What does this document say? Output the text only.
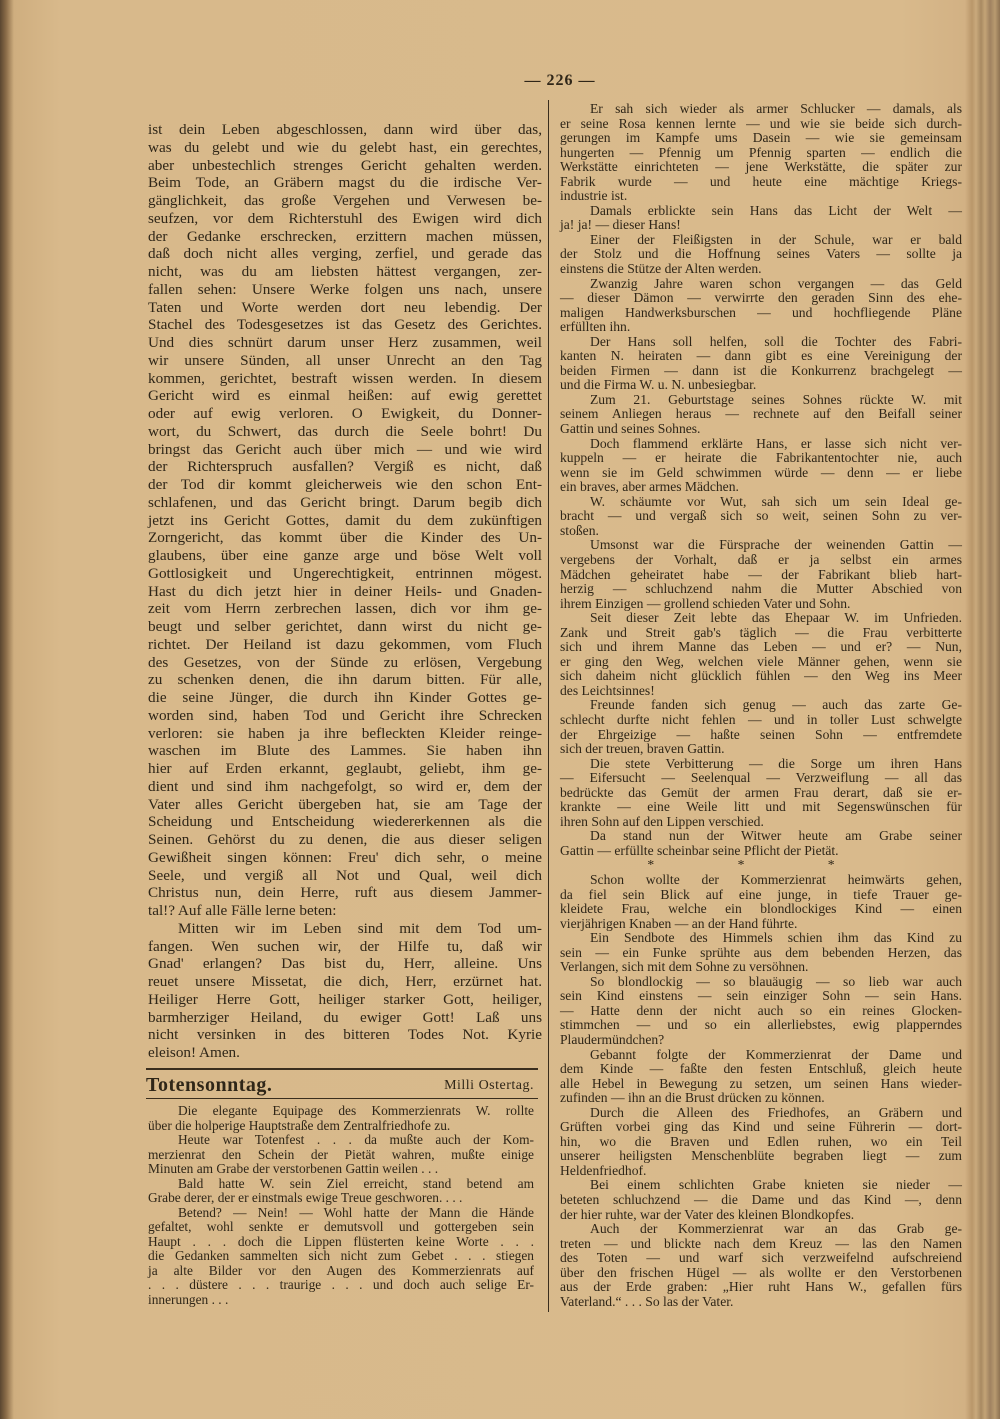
— 226 —
ist dein Leben abgeschlossen, dann wird über das,
was du gelebt und wie du gelebt hast, ein gerechtes,
aber unbestechlich strenges Gericht gehalten werden.
Beim Tode, an Gräbern magst du die irdische Ver-
gänglichkeit, das große Vergehen und Verwesen be-
seufzen, vor dem Richterstuhl des Ewigen wird dich
der Gedanke erschrecken, erzittern machen müssen,
daß doch nicht alles verging, zerfiel, und gerade das
nicht, was du am liebsten hättest vergangen, zer-
fallen sehen: Unsere Werke folgen uns nach, unsere
Taten und Worte werden dort neu lebendig. Der
Stachel des Todesgesetzes ist das Gesetz des Gerichtes.
Und dies schnürt darum unser Herz zusammen, weil
wir unsere Sünden, all unser Unrecht an den Tag
kommen, gerichtet, bestraft wissen werden. In diesem
Gericht wird es einmal heißen: auf ewig gerettet
oder auf ewig verloren. O Ewigkeit, du Donner-
wort, du Schwert, das durch die Seele bohrt! Du
bringst das Gericht auch über mich — und wie wird
der Richterspruch ausfallen? Vergiß es nicht, daß
der Tod dir kommt gleicherweis wie den schon Ent-
schlafenen, und das Gericht bringt. Darum begib dich
jetzt ins Gericht Gottes, damit du dem zukünftigen
Zorngericht, das kommt über die Kinder des Un-
glaubens, über eine ganze arge und böse Welt voll
Gottlosigkeit und Ungerechtigkeit, entrinnen mögest.
Hast du dich jetzt hier in deiner Heils- und Gnaden-
zeit vom Herrn zerbrechen lassen, dich vor ihm ge-
beugt und selber gerichtet, dann wirst du nicht ge-
richtet. Der Heiland ist dazu gekommen, vom Fluch
des Gesetzes, von der Sünde zu erlösen, Vergebung
zu schenken denen, die ihn darum bitten. Für alle,
die seine Jünger, die durch ihn Kinder Gottes ge-
worden sind, haben Tod und Gericht ihre Schrecken
verloren: sie haben ja ihre befleckten Kleider reinge-
waschen im Blute des Lammes. Sie haben ihn
hier auf Erden erkannt, geglaubt, geliebt, ihm ge-
dient und sind ihm nachgefolgt, so wird er, dem der
Vater alles Gericht übergeben hat, sie am Tage der
Scheidung und Entscheidung wiedererkennen als die
Seinen. Gehörst du zu denen, die aus dieser seligen
Gewißheit singen können: Freu' dich sehr, o meine
Seele, und vergiß all Not und Qual, weil dich
Christus nun, dein Herre, ruft aus diesem Jammer-
tal!? Auf alle Fälle lerne beten:
Mitten wir im Leben sind mit dem Tod um-
fangen. Wen suchen wir, der Hilfe tu, daß wir
Gnad' erlangen? Das bist du, Herr, alleine. Uns
reuet unsere Missetat, die dich, Herr, erzürnet hat.
Heiliger Herre Gott, heiliger starker Gott, heiliger,
barmherziger Heiland, du ewiger Gott! Laß uns
nicht versinken in des bitteren Todes Not. Kyrie
eleison! Amen.
Totensonntag.	Milli Ostertag.
Die elegante Equipage des Kommerzienrats W. rollte
über die holperige Hauptstraße dem Zentralfriedhofe zu.
Heute war Totenfest . . . da mußte auch der Kom-
merzienrat den Schein der Pietät wahren, mußte einige
Minuten am Grabe der verstorbenen Gattin weilen . . .
Bald hatte W. sein Ziel erreicht, stand betend am
Grabe derer, der er einstmals ewige Treue geschworen. . . .
Betend? — Nein! — Wohl hatte der Mann die Hände
gefaltet, wohl senkte er demutsvoll und gottergeben sein
Haupt . . . doch die Lippen flüsterten keine Worte . . .
die Gedanken sammelten sich nicht zum Gebet . . . stiegen
ja alte Bilder vor den Augen des Kommerzienrats auf
. . . düstere . . . traurige . . . und doch auch selige Er-
innerungen . . .
Er sah sich wieder als armer Schlucker — damals, als
er seine Rosa kennen lernte — und wie sie beide sich durch-
gerungen im Kampfe ums Dasein — wie sie gemeinsam
hungerten — Pfennig um Pfennig sparten — endlich die
Werkstätte einrichteten — jene Werkstätte, die später zur
Fabrik wurde — und heute eine mächtige Kriegs-
industrie ist.
Damals erblickte sein Hans das Licht der Welt —
ja! ja! — dieser Hans!
Einer der Fleißigsten in der Schule, war er bald
der Stolz und die Hoffnung seines Vaters — sollte ja
einstens die Stütze der Alten werden.
Zwanzig Jahre waren schon vergangen — das Geld
— dieser Dämon — verwirrte den geraden Sinn des ehe-
maligen Handwerksburschen — und hochfliegende Pläne
erfüllten ihn.
Der Hans soll helfen, soll die Tochter des Fabri-
kanten N. heiraten — dann gibt es eine Vereinigung der
beiden Firmen — dann ist die Konkurrenz brachgelegt —
und die Firma W. u. N. unbesiegbar.
Zum 21. Geburtstage seines Sohnes rückte W. mit
seinem Anliegen heraus — rechnete auf den Beifall seiner
Gattin und seines Sohnes.
Doch flammend erklärte Hans, er lasse sich nicht ver-
kuppeln — er heirate die Fabrikantentochter nie, auch
wenn sie im Geld schwimmen würde — denn — er liebe
ein braves, aber armes Mädchen.
W. schäumte vor Wut, sah sich um sein Ideal ge-
bracht — und vergaß sich so weit, seinen Sohn zu ver-
stoßen.
Umsonst war die Fürsprache der weinenden Gattin —
vergebens der Vorhalt, daß er ja selbst ein armes
Mädchen geheiratet habe — der Fabrikant blieb hart-
herzig — schluchzend nahm die Mutter Abschied von
ihrem Einzigen — grollend schieden Vater und Sohn.
Seit dieser Zeit lebte das Ehepaar W. im Unfrieden.
Zank und Streit gab's täglich — die Frau verbitterte
sich und ihrem Manne das Leben — und er? — Nun,
er ging den Weg, welchen viele Männer gehen, wenn sie
sich daheim nicht glücklich fühlen — den Weg ins Meer
des Leichtsinnes!
Freunde fanden sich genug — auch das zarte Ge-
schlecht durfte nicht fehlen — und in toller Lust schwelgte
der Ehrgeizige — haßte seinen Sohn — entfremdete
sich der treuen, braven Gattin.
Die stete Verbitterung — die Sorge um ihren Hans
— Eifersucht — Seelenqual — Verzweiflung — all das
bedrückte das Gemüt der armen Frau derart, daß sie er-
krankte — eine Weile litt und mit Segenswünschen für
ihren Sohn auf den Lippen verschied.
Da stand nun der Witwer heute am Grabe seiner
Gattin — erfüllte scheinbar seine Pflicht der Pietät.
* * *
Schon wollte der Kommerzienrat heimwärts gehen,
da fiel sein Blick auf eine junge, in tiefe Trauer ge-
kleidete Frau, welche ein blondlockiges Kind — einen
vierjährigen Knaben — an der Hand führte.
Ein Sendbote des Himmels schien ihm das Kind zu
sein — ein Funke sprühte aus dem bebenden Herzen, das
Verlangen, sich mit dem Sohne zu versöhnen.
So blondlockig — so blauäugig — so lieb war auch
sein Kind einstens — sein einziger Sohn — sein Hans.
— Hatte denn der nicht auch so ein reines Glocken-
stimmchen — und so ein allerliebstes, ewig plapperndes
Plaudermündchen?
Gebannt folgte der Kommerzienrat der Dame und
dem Kinde — faßte den festen Entschluß, gleich heute
alle Hebel in Bewegung zu setzen, um seinen Hans wieder-
zufinden — ihn an die Brust drücken zu können.
Durch die Alleen des Friedhofes, an Gräbern und
Grüften vorbei ging das Kind und seine Führerin — dort-
hin, wo die Braven und Edlen ruhen, wo ein Teil
unserer heiligsten Menschenblüte begraben liegt — zum
Heldenfriedhof.
Bei einem schlichten Grabe knieten sie nieder —
beteten schluchzend — die Dame und das Kind —, denn
der hier ruhte, war der Vater des kleinen Blondkopfes.
Auch der Kommerzienrat war an das Grab ge-
treten — und blickte nach dem Kreuz — las den Namen
des Toten — und warf sich verzweifelnd aufschreiend
über den frischen Hügel — als wollte er den Verstorbenen
aus der Erde graben: „Hier ruht Hans W., gefallen fürs
Vaterland.“ . . . So las der Vater.
